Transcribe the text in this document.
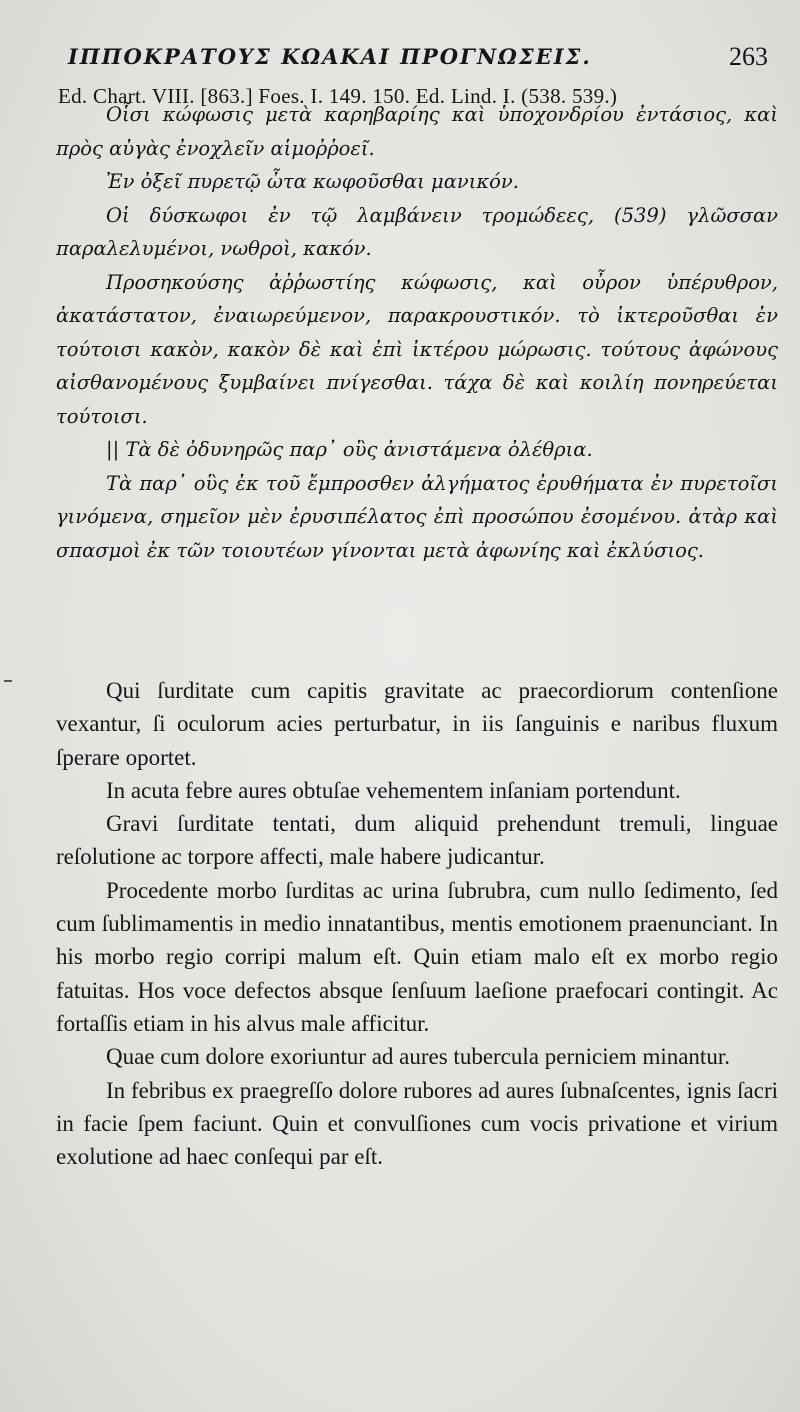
ΙΠΠΟΚΡΑΤΟΥΣ ΚΩΑΚΑΙ ΠΡΟΓΝΩΣΕΙΣ.	263
Ed. Chart. VIII. [863.] Foes. I. 149. 150. Ed. Lind. I. (538. 539.)

Οἷσι κώφωσις μετὰ καρηβαρίης καὶ ὑποχονδρίου ἐντάσιος, καὶ πρὸς αὐγὰς ἐνοχλεῖν αἱμοῤῥοεῖ.

Ἐν ὀξεῖ πυρετῷ ὦτα κωφοῦσθαι μανικόν.

Οἱ δύσκωφοι ἐν τῷ λαμβάνειν τρομώδεες, (539) γλῶσσαν παραλελυμένοι, νωθροὶ, κακόν.

Προσηκούσης ἀῤῥωστίης κώφωσις, καὶ οὖρον ὑπέρυθρον, ἀκατάστατον, ἐναιωρεύμενον, παρακρουστικόν. τὸ ἰκτεροῦσθαι ἐν τούτοισι κακὸν, κακὸν δὲ καὶ ἐπὶ ἰκτέρου μώρωσις. τούτους ἀφώνους αἰσθανομένους ξυμβαίνει πνίγεσθαι. τάχα δὲ καὶ κοιλίη πονηρεύεται τούτοισι.

|| Τὰ δὲ ὀδυνηρῶς παρ᾽ οὓς ἀνιστάμενα ὀλέθρια.

Τὰ παρ᾽ οὓς ἐκ τοῦ ἔμπροσθεν ἀλγήματος ἐρυθήματα ἐν πυρετοῖσι γινόμενα, σημεῖον μὲν ἐρυσιπέλατος ἐπὶ προσώπου ἐσομένου. ἀτὰρ καὶ σπασμοὶ ἐκ τῶν τοιουτέων γίνονται μετὰ ἀφωνίης καὶ ἐκλύσιος.

Qui ſurditate cum capitis gravitate ac praecordiorum contenſione vexantur, ſi oculorum acies perturbatur, in iis ſanguinis e naribus fluxum ſperare oportet.

In acuta febre aures obtuſae vehementem inſaniam portendunt.

Gravi ſurditate tentati, dum aliquid prehendunt tremuli, linguae reſolutione ac torpore affecti, male habere judicantur.

Procedente morbo ſurditas ac urina ſubrubra, cum nullo ſedimento, ſed cum ſublimamentis in medio innatantibus, mentis emotionem praenunciant. In his morbo regio corripi malum eſt. Quin etiam malo eſt ex morbo regio fatuitas. Hos voce defectos absque ſenſuum laeſione praefocari contingit. Ac fortaſſis etiam in his alvus male afficitur.

Quae cum dolore exoriuntur ad aures tubercula perniciem minantur.

In febribus ex praegreſſo dolore rubores ad aures ſubnaſcentes, ignis ſacri in facie ſpem faciunt. Quin et convulſiones cum vocis privatione et virium exolutione ad haec conſequi par eſt.
